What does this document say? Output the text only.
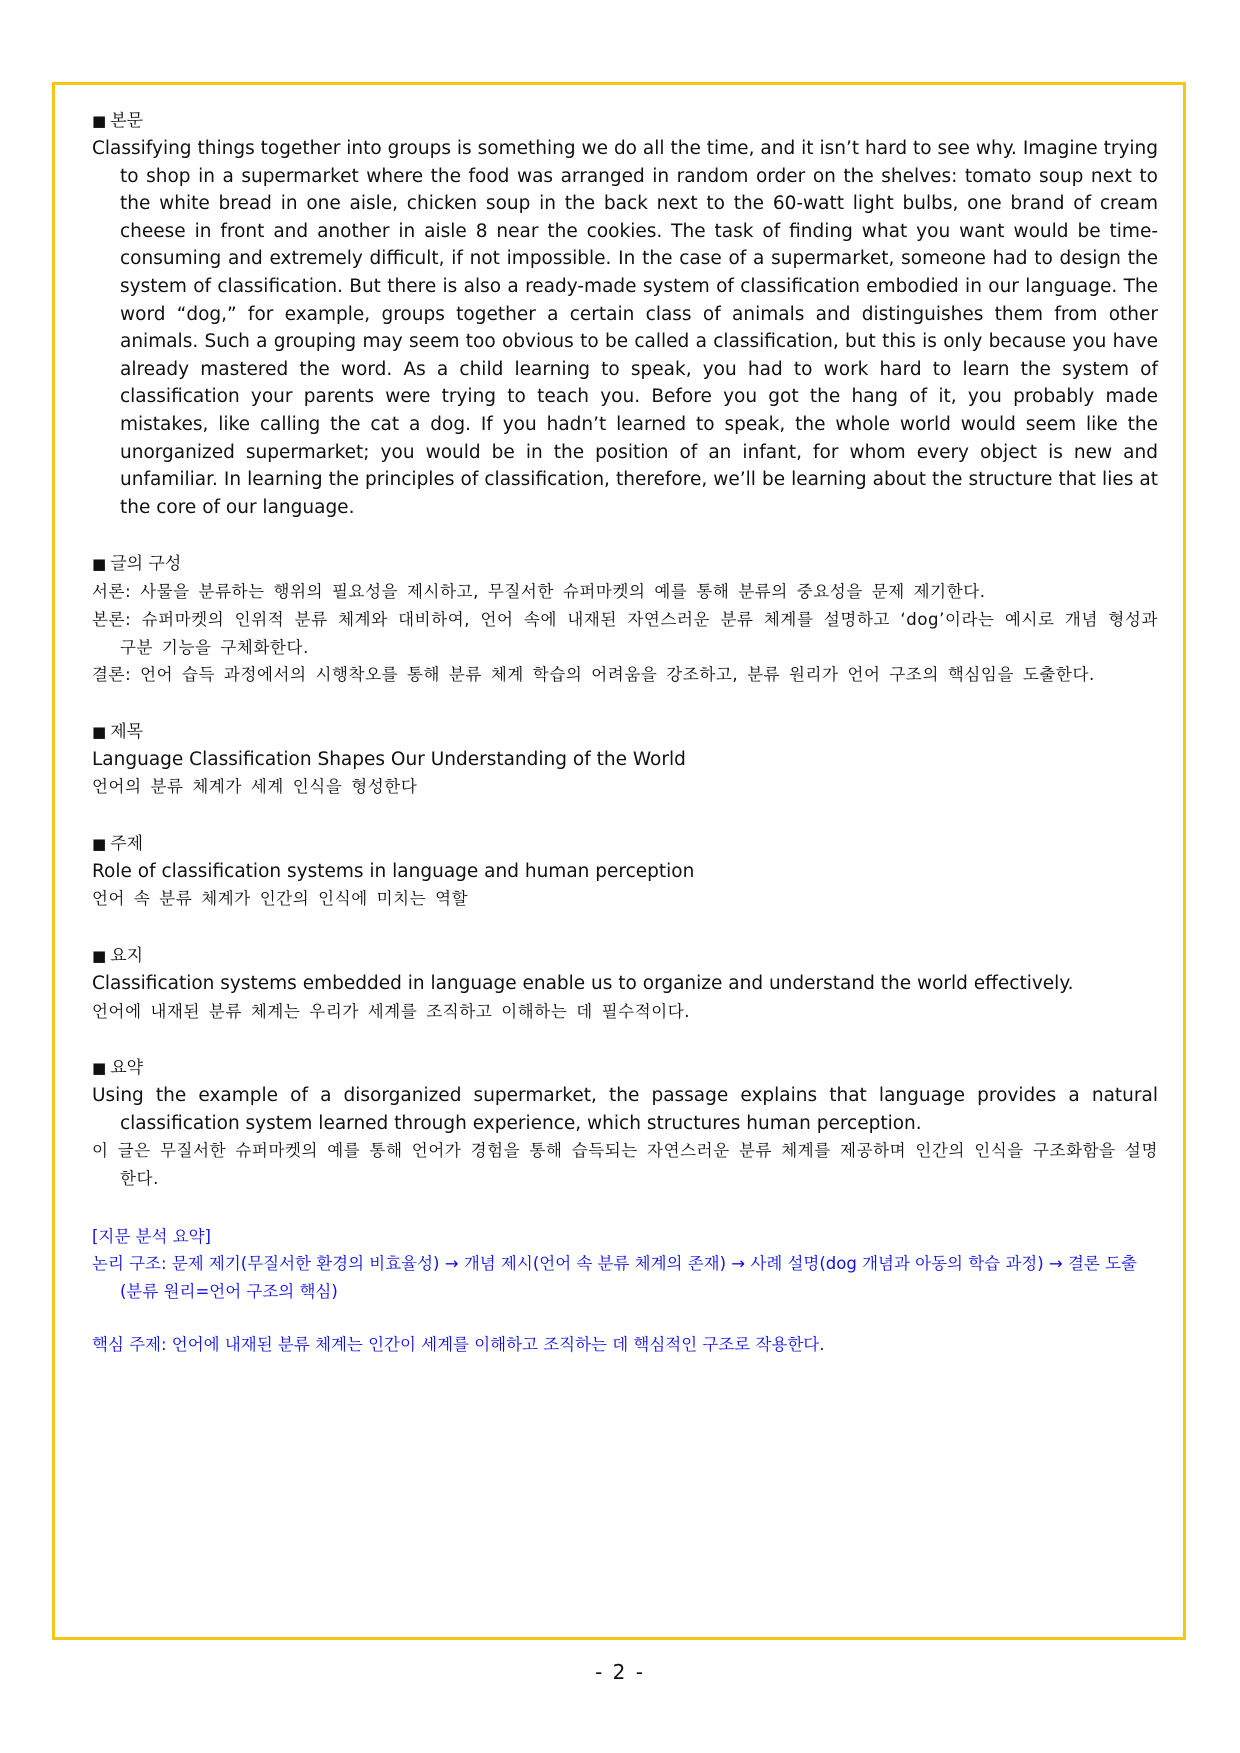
■ 본문

Classifying things together into groups is something we do all the time, and it isn’t hard to see why. Imagine trying to shop in a supermarket where the food was arranged in random order on the shelves: tomato soup next to the white bread in one aisle, chicken soup in the back next to the 60-watt light bulbs, one brand of cream cheese in front and another in aisle 8 near the cookies. The task of finding what you want would be time-consuming and extremely difficult, if not impossible. In the case of a supermarket, someone had to design the system of classification. But there is also a ready-made system of classification embodied in our language. The word “dog,” for example, groups together a certain class of animals and distinguishes them from other animals. Such a grouping may seem too obvious to be called a classification, but this is only because you have already mastered the word. As a child learning to speak, you had to work hard to learn the system of classification your parents were trying to teach you. Before you got the hang of it, you probably made mistakes, like calling the cat a dog. If you hadn’t learned to speak, the whole world would seem like the unorganized supermarket; you would be in the position of an infant, for whom every object is new and unfamiliar. In learning the principles of classification, therefore, we’ll be learning about the structure that lies at the core of our language.

■ 글의 구성

서론: 사물을 분류하는 행위의 필요성을 제시하고, 무질서한 슈퍼마켓의 예를 통해 분류의 중요성을 문제 제기한다.

본론: 슈퍼마켓의 인위적 분류 체계와 대비하여, 언어 속에 내재된 자연스러운 분류 체계를 설명하고 ‘dog’이라는 예시로 개념 형성과 구분 기능을 구체화한다.

결론: 언어 습득 과정에서의 시행착오를 통해 분류 체계 학습의 어려움을 강조하고, 분류 원리가 언어 구조의 핵심임을 도출한다.

■ 제목

Language Classification Shapes Our Understanding of the World

언어의 분류 체계가 세계 인식을 형성한다

■ 주제

Role of classification systems in language and human perception

언어 속 분류 체계가 인간의 인식에 미치는 역할

■ 요지

Classification systems embedded in language enable us to organize and understand the world effectively.

언어에 내재된 분류 체계는 우리가 세계를 조직하고 이해하는 데 필수적이다.

■ 요약

Using the example of a disorganized supermarket, the passage explains that language provides a natural classification system learned through experience, which structures human perception.

이 글은 무질서한 슈퍼마켓의 예를 통해 언어가 경험을 통해 습득되는 자연스러운 분류 체계를 제공하며 인간의 인식을 구조화함을 설명한다.

[지문 분석 요약]

논리 구조: 문제 제기(무질서한 환경의 비효율성) → 개념 제시(언어 속 분류 체계의 존재) → 사례 설명(dog 개념과 아동의 학습 과정) → 결론 도출(분류 원리=언어 구조의 핵심)

핵심 주제: 언어에 내재된 분류 체계는 인간이 세계를 이해하고 조직하는 데 핵심적인 구조로 작용한다.

- 2 -
